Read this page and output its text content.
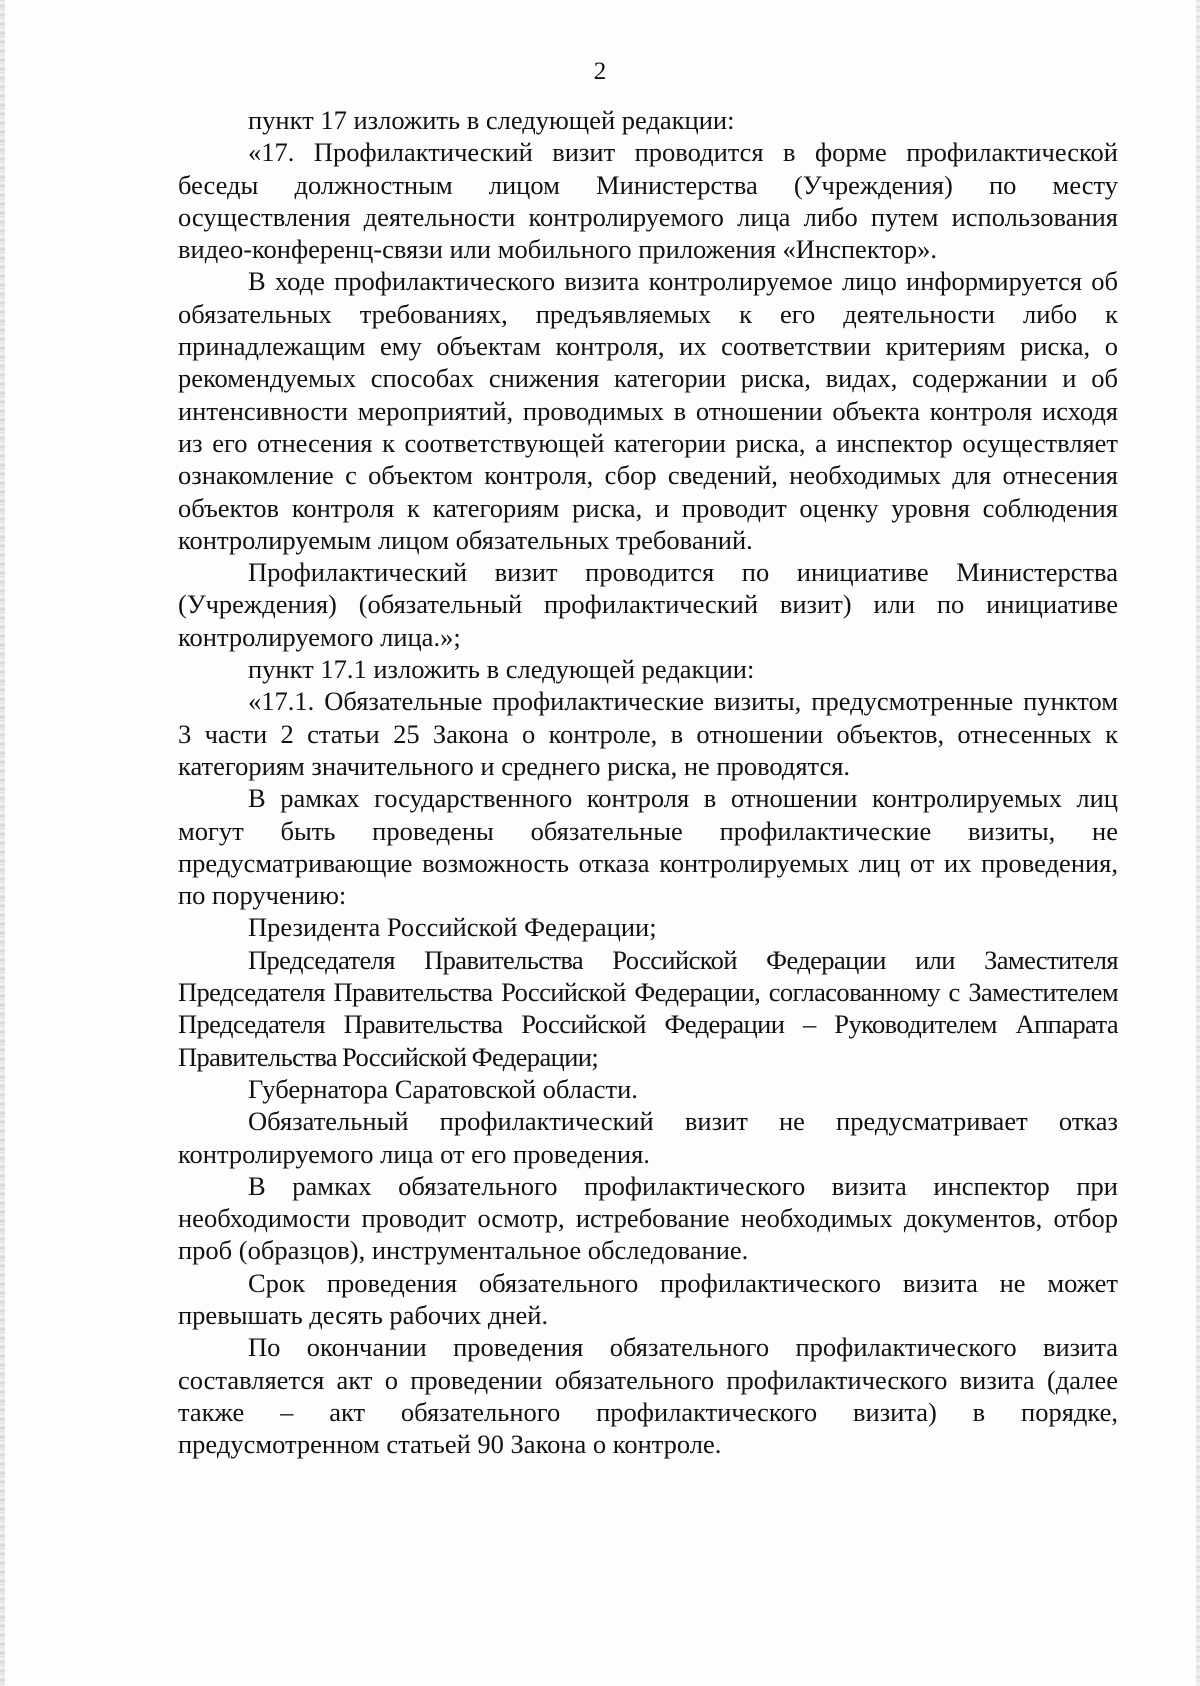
2

пункт 17 изложить в следующей редакции:

«17. Профилактический визит проводится в форме профилактической беседы должностным лицом Министерства (Учреждения) по месту осуществления деятельности контролируемого лица либо путем использования видео-конференц-связи или мобильного приложения «Инспектор».

В ходе профилактического визита контролируемое лицо информируется об обязательных требованиях, предъявляемых к его деятельности либо к принадлежащим ему объектам контроля, их соответствии критериям риска, о рекомендуемых способах снижения категории риска, видах, содержании и об интенсивности мероприятий, проводимых в отношении объекта контроля исходя из его отнесения к соответствующей категории риска, а инспектор осуществляет ознакомление с объектом контроля, сбор сведений, необходимых для отнесения объектов контроля к категориям риска, и проводит оценку уровня соблюдения контролируемым лицом обязательных требований.

Профилактический визит проводится по инициативе Министерства (Учреждения) (обязательный профилактический визит) или по инициативе контролируемого лица.»;

пункт 17.1 изложить в следующей редакции:

«17.1. Обязательные профилактические визиты, предусмотренные пунктом 3 части 2 статьи 25 Закона о контроле, в отношении объектов, отнесенных к категориям значительного и среднего риска, не проводятся.

В рамках государственного контроля в отношении контролируемых лиц могут быть проведены обязательные профилактические визиты, не предусматривающие возможность отказа контролируемых лиц от их проведения, по поручению:

Президента Российской Федерации;

Председателя Правительства Российской Федерации или Заместителя Председателя Правительства Российской Федерации, согласованному с Заместителем Председателя Правительства Российской Федерации – Руководителем Аппарата Правительства Российской Федерации;

Губернатора Саратовской области.

Обязательный профилактический визит не предусматривает отказ контролируемого лица от его проведения.

В рамках обязательного профилактического визита инспектор при необходимости проводит осмотр, истребование необходимых документов, отбор проб (образцов), инструментальное обследование.

Срок проведения обязательного профилактического визита не может превышать десять рабочих дней.

По окончании проведения обязательного профилактического визита составляется акт о проведении обязательного профилактического визита (далее также – акт обязательного профилактического визита) в порядке, предусмотренном статьей 90 Закона о контроле.
